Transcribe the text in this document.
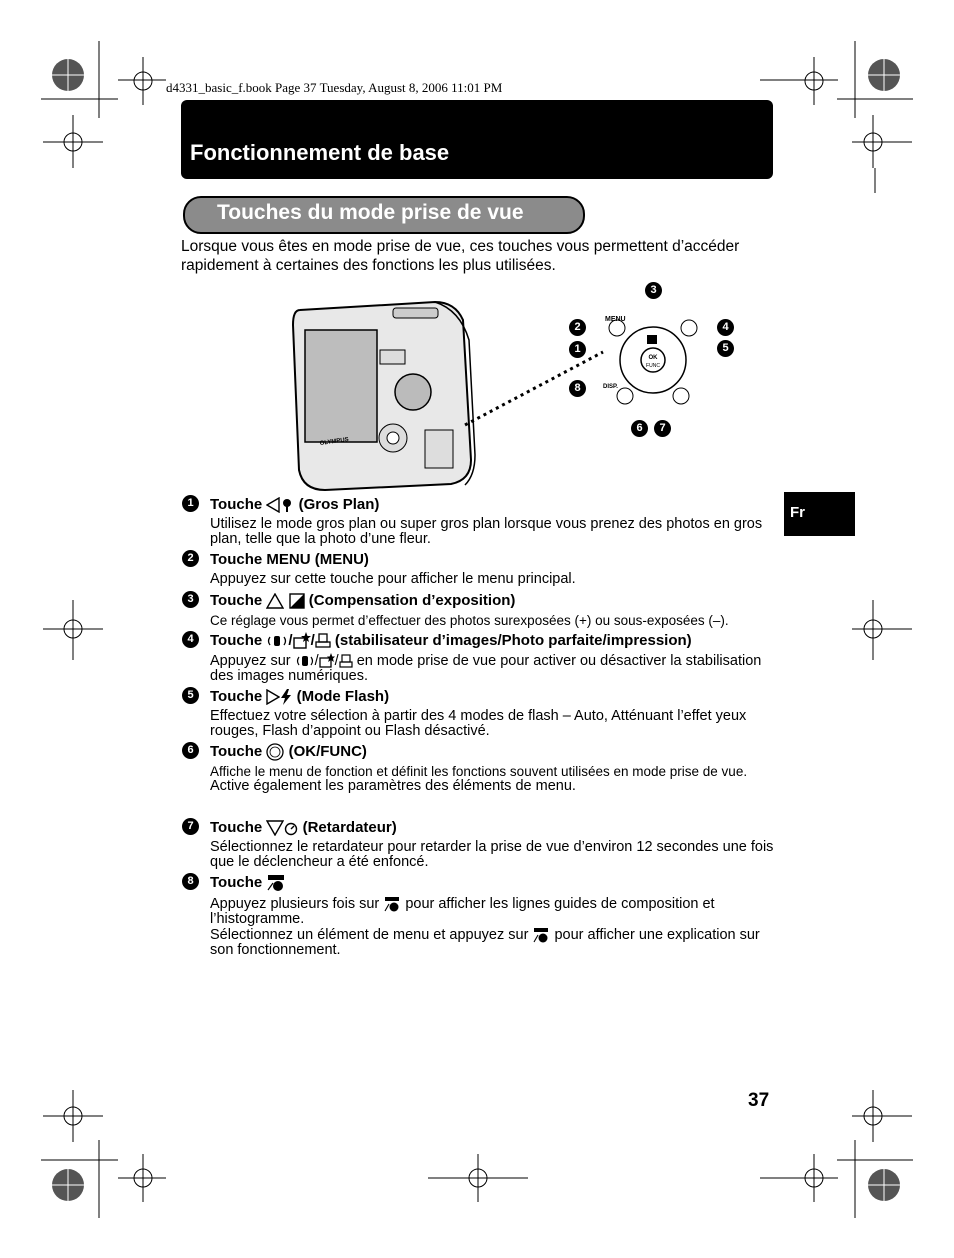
d4331_basic_f.book Page 37 Tuesday, August 8, 2006 11:01 PM
Fonctionnement de base
Touches du mode prise de vue
Lorsque vous êtes en mode prise de vue, ces touches vous permettent d’accéder rapidement à certaines des fonctions les plus utilisées.
OLYMPUS
OK
FUNC
MENU
DISP.
3
2	4
1	5
8
6	7
1	Touche (Gros Plan)
Utilisez le mode gros plan ou super gros plan lorsque vous prenez des photos en gros plan, telle que la photo d’une fleur.
2	Touche MENU (MENU)
Appuyez sur cette touche pour afficher le menu principal.
3	Touche	(Compensation d’exposition)
Ce réglage vous permet d’effectuer des photos surexposées (+) ou sous-exposées (–).
4	Touche / / (stabilisateur d’images/Photo parfaite/impression)
Appuyez sur / / en mode prise de vue pour activer ou désactiver la stabilisation des images numériques.
5	Touche (Mode Flash)
Effectuez votre sélection à partir des 4 modes de flash – Auto, Atténuant l’effet yeux rouges, Flash d’appoint ou Flash désactivé.
6	Touche (OK/FUNC)

Affiche le menu de fonction et définit les fonctions souvent utilisées en mode prise de vue.

Active également les paramètres des éléments de menu.

7	Touche	(Retardateur)
Sélectionnez le retardateur pour retarder la prise de vue d’environ 12 secondes une fois que le déclencheur a été enfoncé.
8	Touche

Appuyez plusieurs fois sur pour afficher les lignes guides de composition et l’histogramme.

Sélectionnez un élément de menu et appuyez sur pour afficher une explication sur son fonctionnement.

Fr
37
